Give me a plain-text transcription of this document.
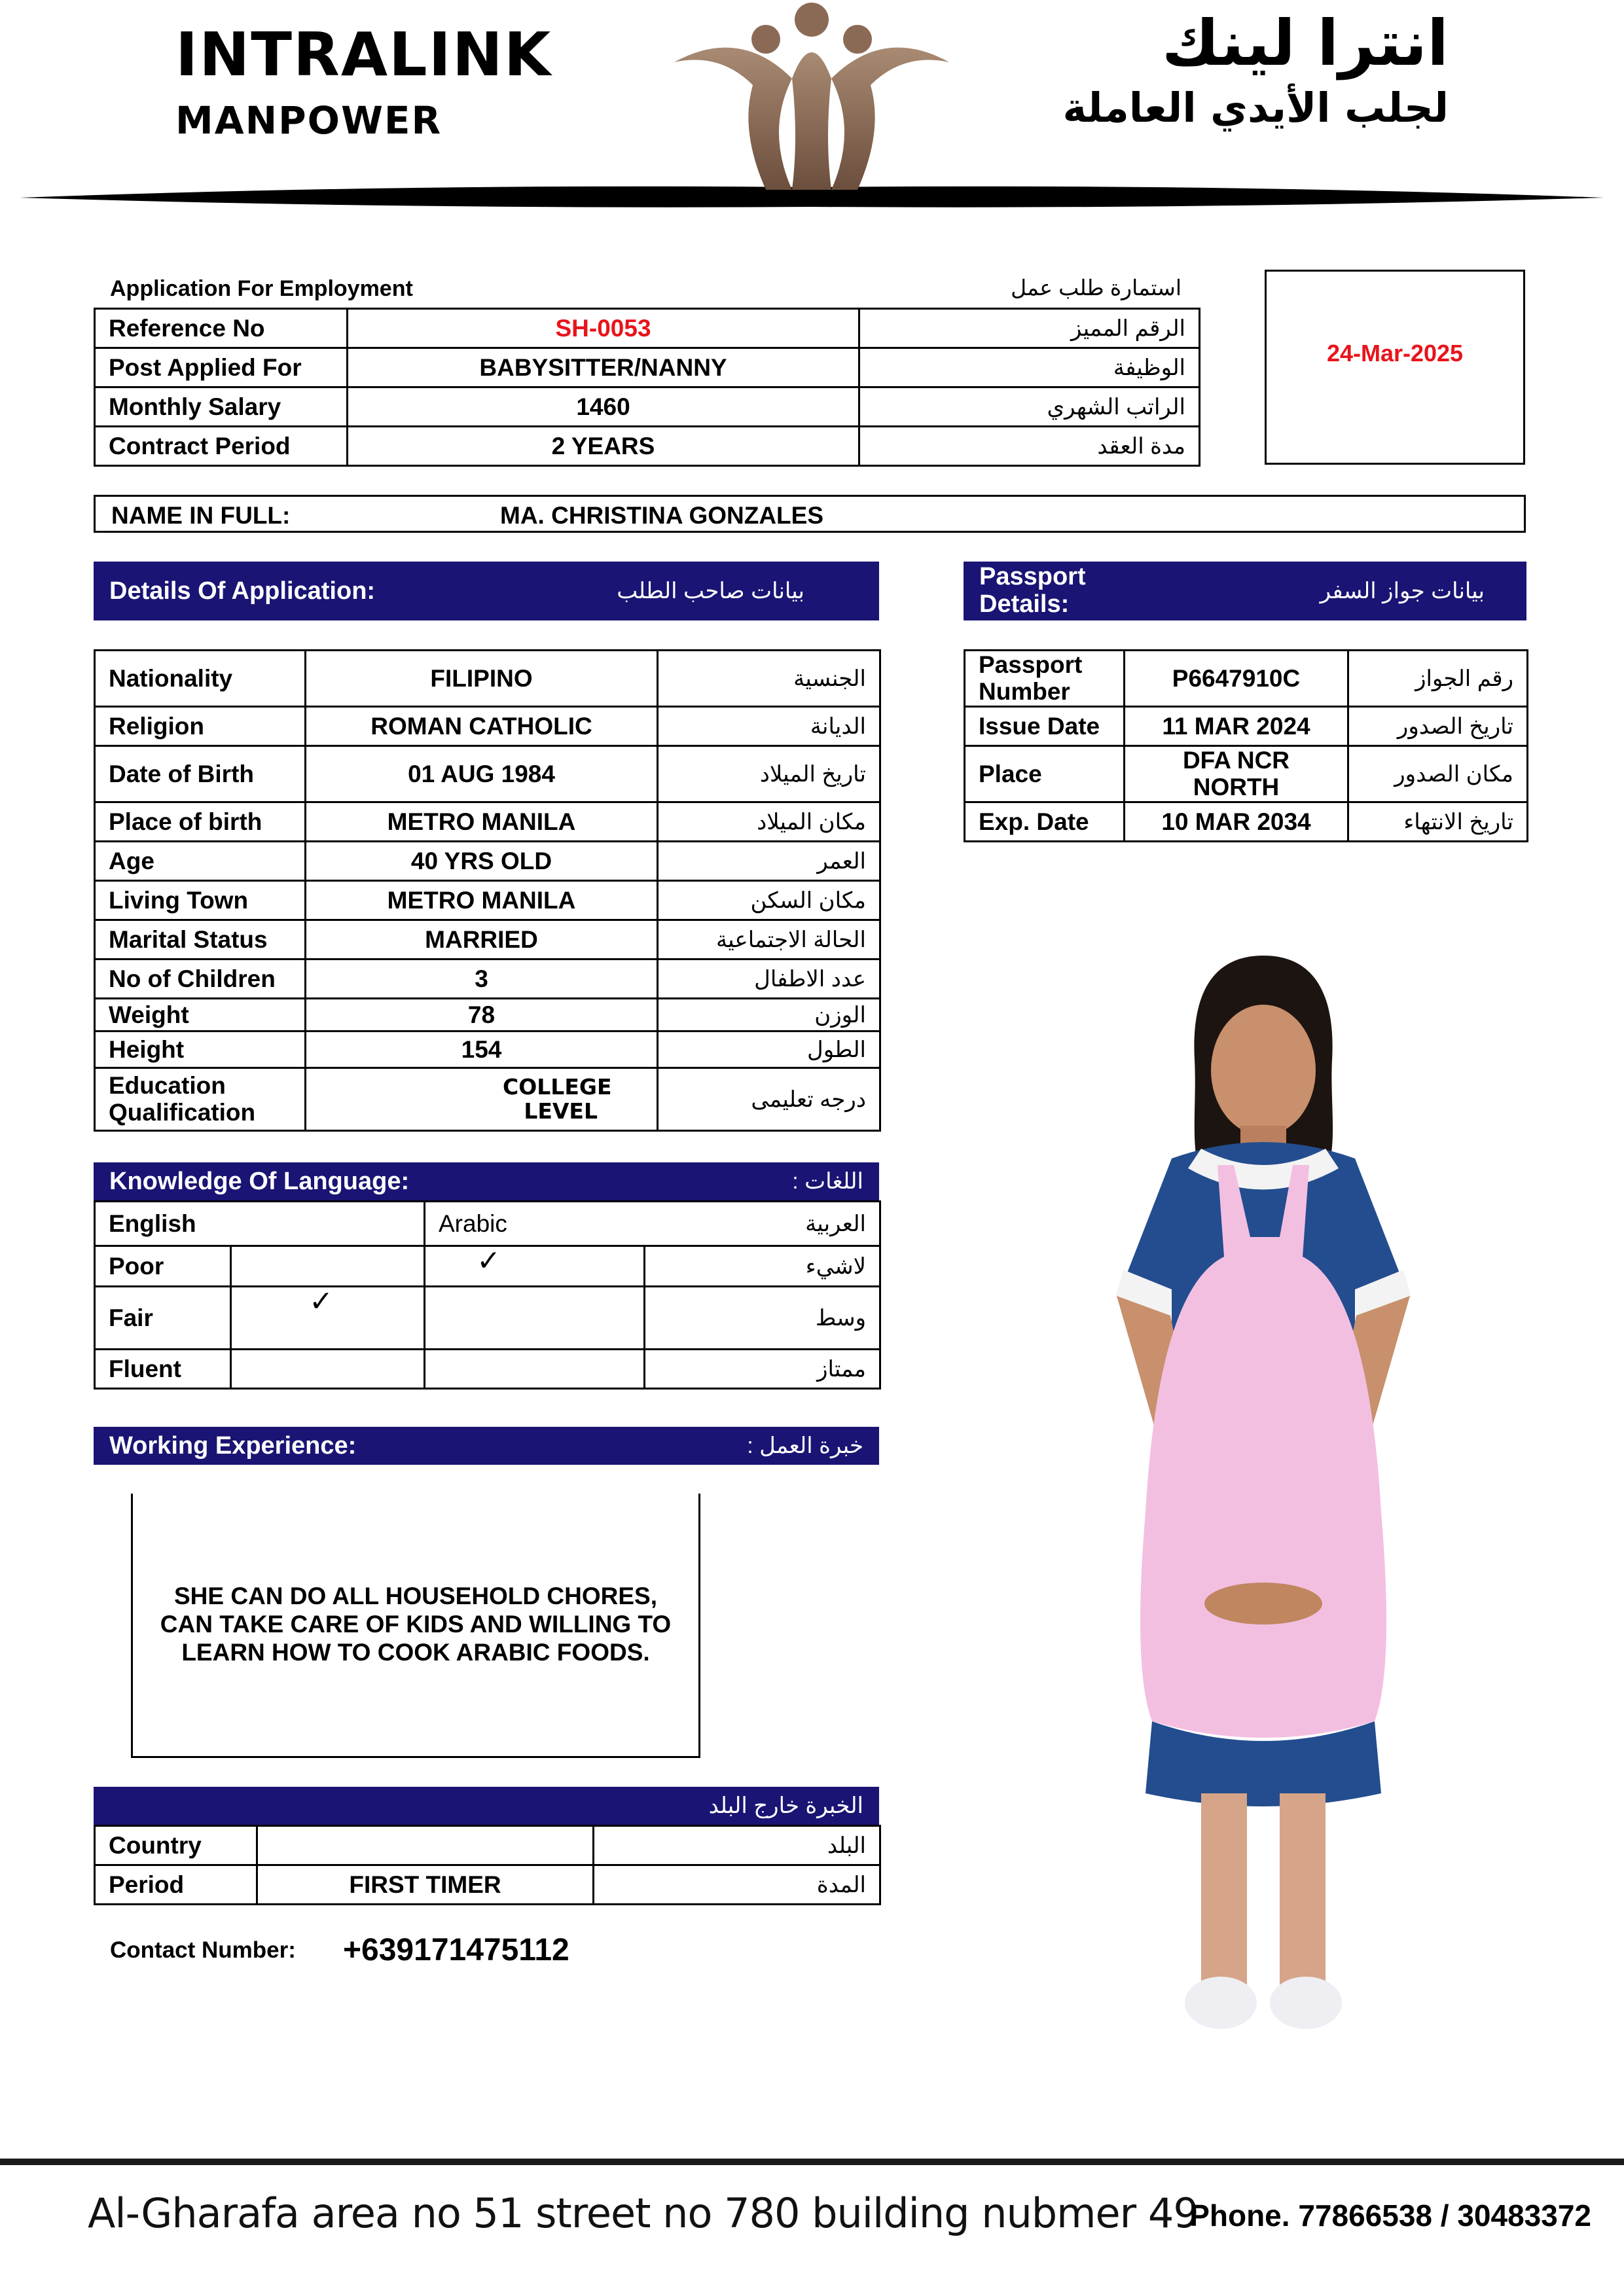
INTRALINK
MANPOWER
انترا لينك
لجلب الأيدي العاملة
Application For Employment	استمارة طلب عمل
Reference No	SH-0053	الرقم المميز
Post Applied For	BABYSITTER/NANNY	الوظيفة
Monthly Salary	1460	الراتب الشهري
Contract Period	2 YEARS	مدة العقد
24-Mar-2025
NAME IN FULL:	MA. CHRISTINA GONZALES
Details Of Application:	بيانات صاحب الطلب
Nationality	FILIPINO	الجنسية
Religion	ROMAN CATHOLIC	الديانة
Date of Birth	01 AUG 1984	تاريخ الميلاد
Place of birth	METRO MANILA	مكان الميلاد
Age	40 YRS OLD	العمر
Living Town	METRO MANILA	مكان السكن
Marital Status	MARRIED	الحالة الاجتماعية
No of Children	3	عدد الاطفال
Weight	78	الوزن
Height	154	الطول
Education Qualification	COLLEGE LEVEL	درجه تعليمى
Passport Details:	بيانات جواز السفر
Passport Number	P6647910C	رقم الجواز
Issue Date	11 MAR 2024	تاريخ الصدور
Place	DFA NCR NORTH	مكان الصدور
Exp. Date	10 MAR 2034	تاريخ الانتهاء
Knowledge Of Language:	اللغات :
English		Arabic	العربية
Poor		✓	لاشيء
Fair	✓		وسط
Fluent			ممتاز
Working Experience:	خبرة العمل :
SHE CAN DO ALL HOUSEHOLD CHORES, CAN TAKE CARE OF KIDS AND WILLING TO LEARN HOW TO COOK ARABIC FOODS.
الخبرة خارج البلد
Country		البلد
Period	FIRST TIMER	المدة
Contact Number: +639171475112
Al-Gharafa area no 51 street no 780 building nubmer 49
Phone. 77866538 / 30483372
